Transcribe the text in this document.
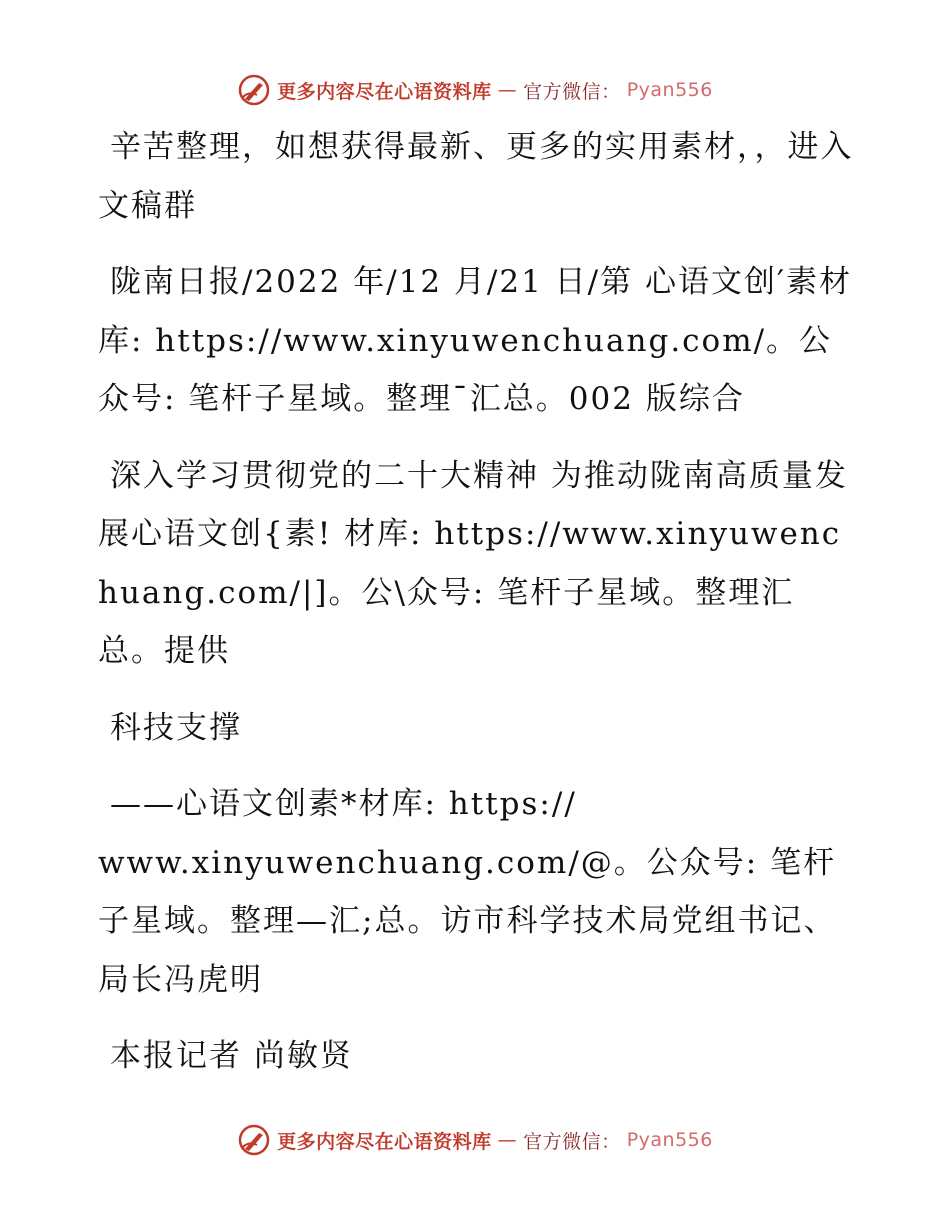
更多内容尽在心语资料库 — 官方微信： Pyan556

辛苦整理，如想获得最新、更多的实用素材，，进入文稿群

陇南日报/2022 年/12 月/21 日/第 心语文创′素材库: https://www.xinyuwenchuang.com/。公众号: 笔杆子星域。整理¯汇总。002 版综合

深入学习贯彻党的二十大精神 为推动陇南高质量发展心语文创{素! 材库: https://www.xinyuwenchuang.com/|]。公\众号: 笔杆子星域。整理汇总。提供

科技支撑

——心语文创素*材库: https://
www.xinyuwenchuang.com/@。公众号: 笔杆子星域。整理—汇;总。访市科学技术局党组书记、局长冯虎明

本报记者 尚敏贤

更多内容尽在心语资料库 — 官方微信： Pyan556
